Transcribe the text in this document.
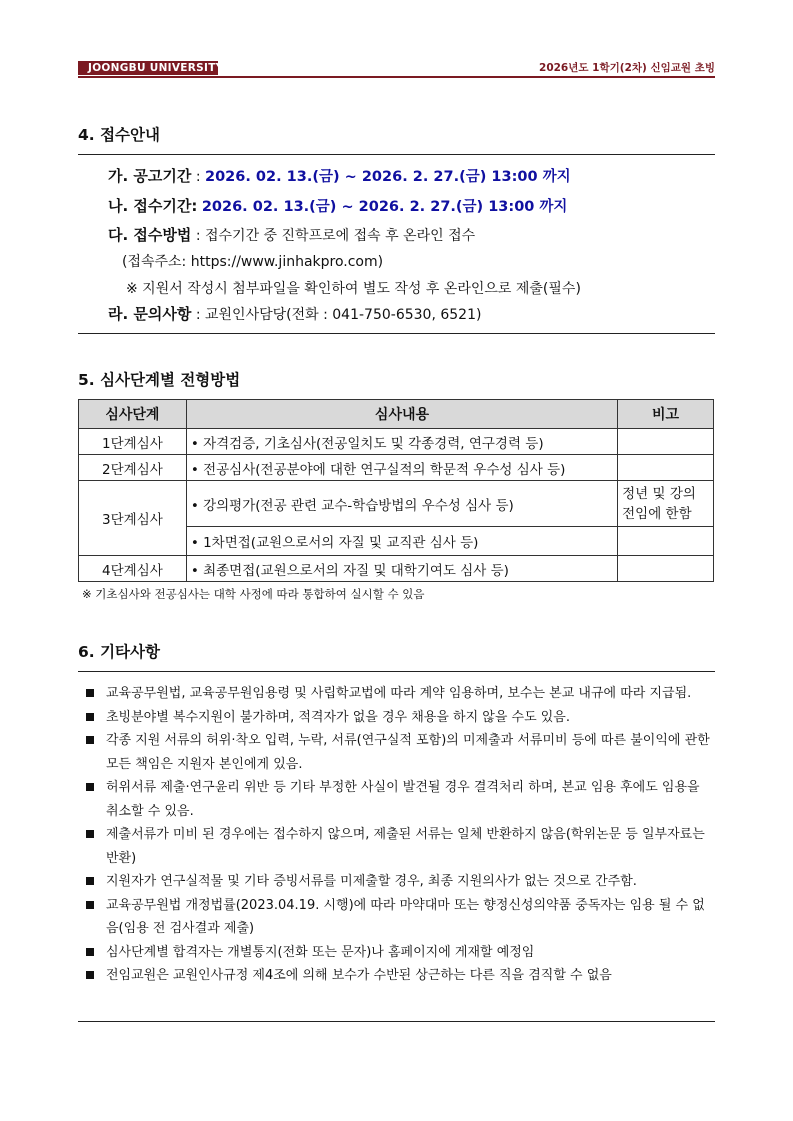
JOONGBU UNIVERSITY	2026년도 1학기(2차) 신임교원 초빙
4. 접수안내
가. 공고기간 : 2026. 02. 13.(금) ~ 2026. 2. 27.(금) 13:00 까지
나. 접수기간: 2026. 02. 13.(금) ~ 2026. 2. 27.(금) 13:00 까지
다. 접수방법 : 접수기간 중 진학프로에 접속 후 온라인 접수
(접속주소: https://www.jinhakpro.com)
※ 지원서 작성시 첨부파일을 확인하여 별도 작성 후 온라인으로 제출(필수)
라. 문의사항 : 교원인사담당(전화 : 041-750-6530, 6521)
5. 심사단계별 전형방법
심사단계	심사내용	비고
1단계심사	• 자격검증, 기초심사(전공일치도 및 각종경력, 연구경력 등)	
2단계심사	• 전공심사(전공분야에 대한 연구실적의 학문적 우수성 심사 등)	
3단계심사	• 강의평가(전공 관련 교수-학습방법의 우수성 심사 등)	정년 및 강의 전임에 한함
	• 1차면접(교원으로서의 자질 및 교직관 심사 등)	
4단계심사	• 최종면접(교원으로서의 자질 및 대학기여도 심사 등)	
※ 기초심사와 전공심사는 대학 사정에 따라 통합하여 실시할 수 있음
6. 기타사항
교육공무원법, 교육공무원임용령 및 사립학교법에 따라 계약 임용하며, 보수는 본교 내규에 따라 지급됨.
초빙분야별 복수지원이 불가하며, 적격자가 없을 경우 채용을 하지 않을 수도 있음.
각종 지원 서류의 허위·착오 입력, 누락, 서류(연구실적 포함)의 미제출과 서류미비 등에 따른 불이익에 관한 모든 책임은 지원자 본인에게 있음.
허위서류 제출·연구윤리 위반 등 기타 부정한 사실이 발견될 경우 결격처리 하며, 본교 임용 후에도 임용을 취소할 수 있음.
제출서류가 미비 된 경우에는 접수하지 않으며, 제출된 서류는 일체 반환하지 않음(학위논문 등 일부자료는 반환)
지원자가 연구실적물 및 기타 증빙서류를 미제출할 경우, 최종 지원의사가 없는 것으로 간주함.
교육공무원법 개정법률(2023.04.19. 시행)에 따라 마약대마 또는 향정신성의약품 중독자는 임용 될 수 없음(임용 전 검사결과 제출)
심사단계별 합격자는 개별통지(전화 또는 문자)나 홈페이지에 게재할 예정임
전임교원은 교원인사규정 제4조에 의해 보수가 수반된 상근하는 다른 직을 겸직할 수 없음
